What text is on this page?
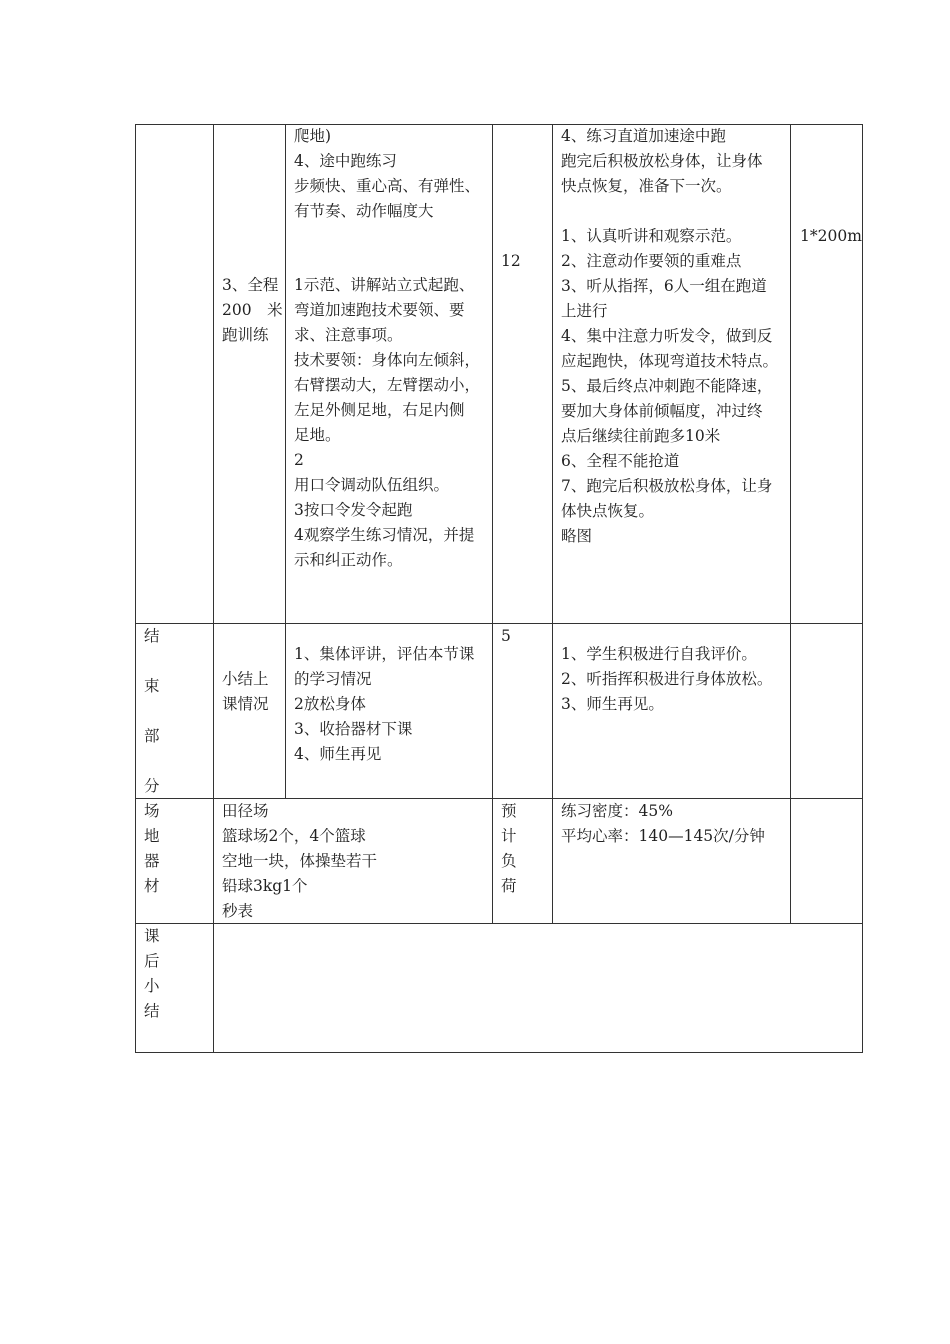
3、全程

200　米

跑训练

爬地)

4、途中跑练习

步频快、重心高、有弹性、

有节奏、动作幅度大

1示范、讲解站立式起跑、

弯道加速跑技术要领、要

求、注意事项。

技术要领：身体向左倾斜，

右臂摆动大，左臂摆动小，

左足外侧足地，右足内侧

足地。

2

用口令调动队伍组织。

3按口令发令起跑

4观察学生练习情况，并提

示和纠正动作。

12

4、练习直道加速途中跑

跑完后积极放松身体，让身体

快点恢复，准备下一次。

1、认真听讲和观察示范。

2、注意动作要领的重难点

3、听从指挥，6人一组在跑道

上进行

4、集中注意力听发令，做到反

应起跑快，体现弯道技术特点。

5、最后终点冲刺跑不能降速，

要加大身体前倾幅度，冲过终

点后继续往前跑多10米

6、全程不能抢道

7、跑完后积极放松身体，让身

体快点恢复。

略图

1*200m

结

束

部

分

小结上

课情况

1、集体评讲，评估本节课

的学习情况

2放松身体

3、收拾器材下课

4、师生再见

5

1、学生积极进行自我评价。

2、听指挥积极进行身体放松。

3、师生再见。

场

地

器

材

田径场

篮球场2个，4个篮球

空地一块，体操垫若干

铅球3kg1个

秒表

预

计

负

荷

练习密度：45%

平均心率：140—145次/分钟

课

后

小

结
